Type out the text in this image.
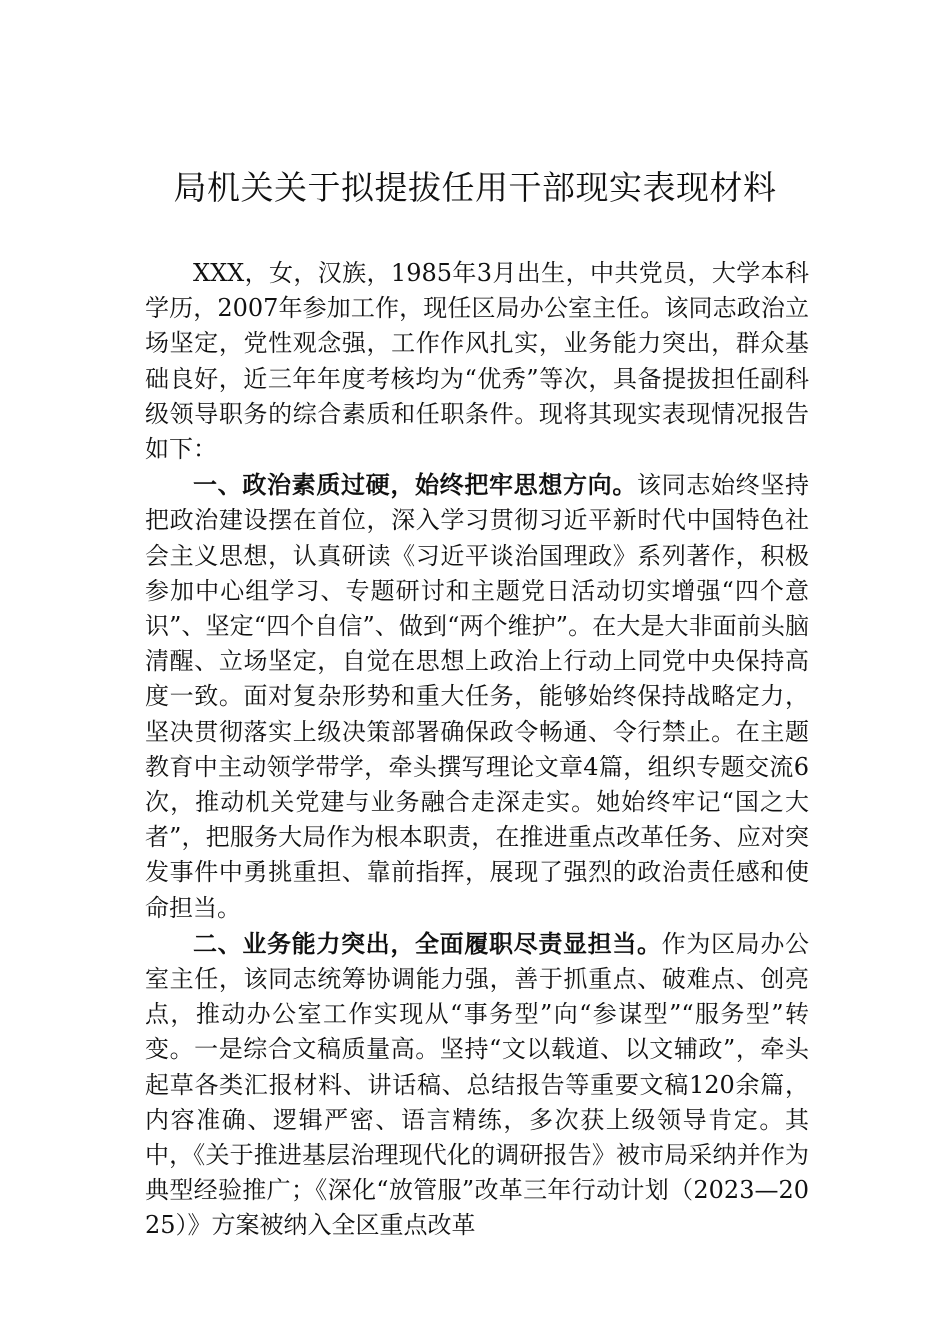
局机关关于拟提拔任用干部现实表现材料

XXX，女，汉族，1985年3月出生，中共党员，大学本科学历，2007年参加工作，现任区局办公室主任。该同志政治立场坚定，党性观念强，工作作风扎实，业务能力突出，群众基础良好，近三年年度考核均为“优秀”等次，具备提拔担任副科级领导职务的综合素质和任职条件。现将其现实表现情况报告如下：

一、政治素质过硬，始终把牢思想方向。该同志始终坚持把政治建设摆在首位，深入学习贯彻习近平新时代中国特色社会主义思想，认真研读《习近平谈治国理政》系列著作，积极参加中心组学习、专题研讨和主题党日活动切实增强“四个意识”、坚定“四个自信”、做到“两个维护”。在大是大非面前头脑清醒、立场坚定，自觉在思想上政治上行动上同党中央保持高度一致。面对复杂形势和重大任务，能够始终保持战略定力，坚决贯彻落实上级决策部署确保政令畅通、令行禁止。在主题教育中主动领学带学，牵头撰写理论文章4篇，组织专题交流6次，推动机关党建与业务融合走深走实。她始终牢记“国之大者”，把服务大局作为根本职责，在推进重点改革任务、应对突发事件中勇挑重担、靠前指挥，展现了强烈的政治责任感和使命担当。

二、业务能力突出，全面履职尽责显担当。作为区局办公室主任，该同志统筹协调能力强，善于抓重点、破难点、创亮点，推动办公室工作实现从“事务型”向“参谋型”“服务型”转变。一是综合文稿质量高。坚持“文以载道、以文辅政”，牵头起草各类汇报材料、讲话稿、总结报告等重要文稿120余篇，内容准确、逻辑严密、语言精练，多次获上级领导肯定。其中，《关于推进基层治理现代化的调研报告》被市局采纳并作为典型经验推广；《深化“放管服”改革三年行动计划（2023—2025）》方案被纳入全区重点改革
